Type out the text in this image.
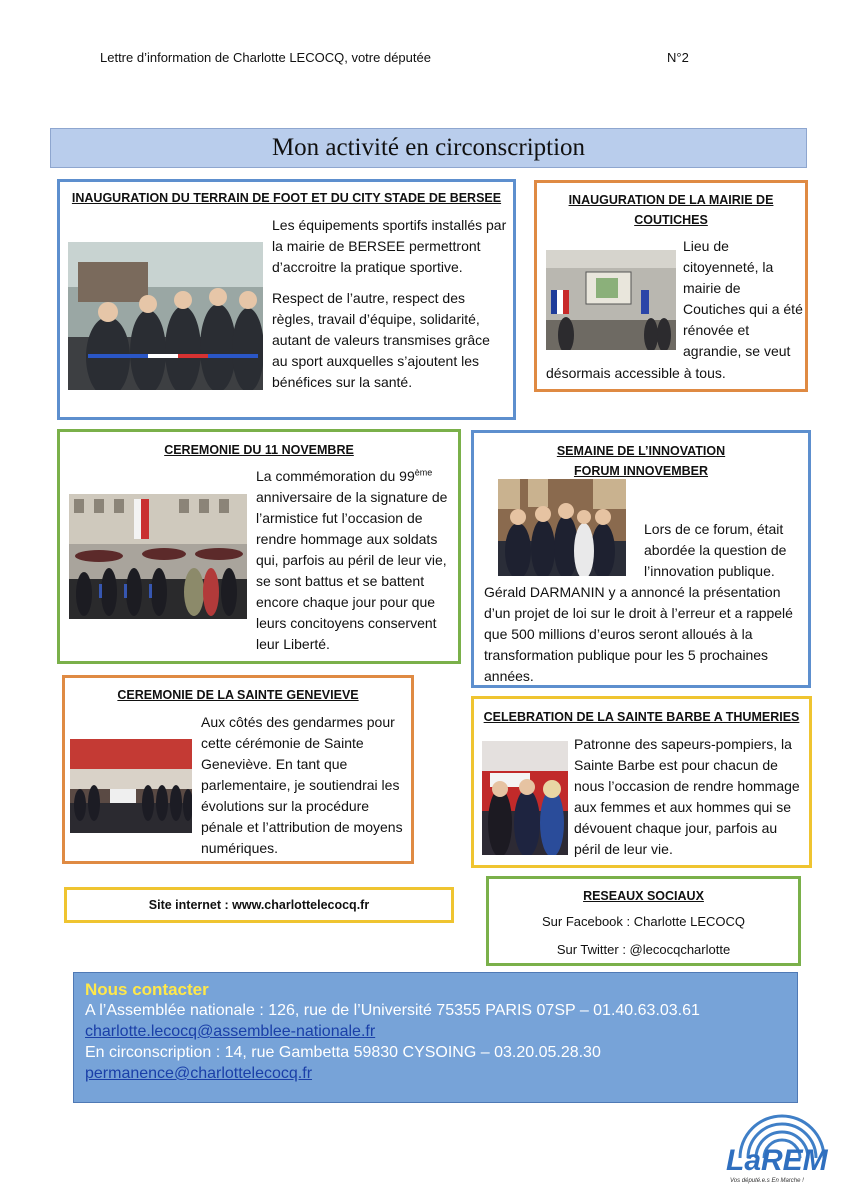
Lettre d’information de Charlotte LECOCQ, votre députée	N°2
Mon activité en circonscription
INAUGURATION DU TERRAIN DE FOOT ET DU CITY STADE DE BERSEE

Les équipements sportifs installés par la mairie de BERSEE permettront d’accroitre la pratique sportive.

Respect de l’autre, respect des règles, travail d’équipe, solidarité, autant de valeurs transmises grâce au sport auxquelles s’ajoutent les bénéfices sur la santé.

INAUGURATION DE LA MAIRIE DE
COUTICHES
Lieu de citoyenneté, la mairie de Coutiches qui a été rénovée et agrandie, se veut
désormais accessible à tous.
CEREMONIE DU 11 NOVEMBRE
La commémoration du 99ème anniversaire de la signature de l’armistice fut l’occasion de rendre hommage aux soldats qui, parfois au péril de leur vie, se sont battus et se battent encore chaque jour pour que leurs concitoyens conservent leur Liberté.
SEMAINE DE L’INNOVATION
FORUM INNOVEMBER
Lors de ce forum, était abordée la question de l’innovation publique.
Gérald DARMANIN y a annoncé la présentation d’un projet de loi sur le droit à l’erreur et a rappelé que 500 millions d’euros seront alloués à la transformation publique pour les 5 prochaines années.
CEREMONIE DE LA SAINTE GENEVIEVE
Aux côtés des gendarmes pour cette cérémonie de Sainte Geneviève. En tant que parlementaire, je soutiendrai les évolutions sur la procédure pénale et l’attribution de moyens numériques.
CELEBRATION DE LA SAINTE BARBE A THUMERIES
Patronne des sapeurs-pompiers, la Sainte Barbe est pour chacun de nous l’occasion de rendre hommage aux femmes et aux hommes qui se dévouent chaque jour, parfois au péril de leur vie.
Site internet : www.charlottelecocq.fr
RESEAUX SOCIAUX
Sur Facebook : Charlotte LECOCQ
Sur Twitter : @lecocqcharlotte
Nous contacter
A l’Assemblée nationale : 126, rue de l’Université 75355 PARIS 07SP – 01.40.63.03.61
charlotte.lecocq@assemblee-nationale.fr
En circonscription : 14, rue Gambetta 59830 CYSOING – 03.20.05.28.30
permanence@charlottelecocq.fr
LaREM
Vos député.e.s En Marche !
